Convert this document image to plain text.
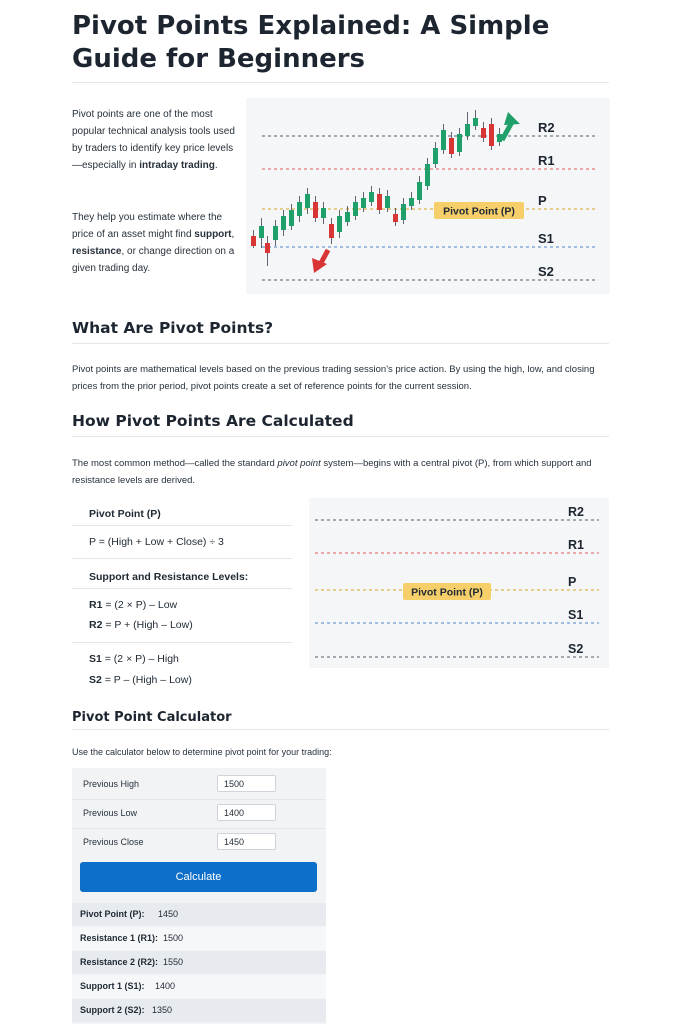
Pivot Points Explained: A Simple Guide for Beginners

Pivot points are one of the most popular technical analysis tools used by traders to identify key price levels—especially in intraday trading.

They help you estimate where the price of an asset might find support, resistance, or change direction on a given trading day.

R2
R1
P
S1
S2
Pivot Point (P)
What Are Pivot Points?

Pivot points are mathematical levels based on the previous trading session's price action. By using the high, low, and closing prices from the prior period, pivot points create a set of reference points for the current session.

How Pivot Points Are Calculated

The most common method—called the standard pivot point system—begins with a central pivot (P), from which support and resistance levels are derived.

Pivot Point (P)
P = (High + Low + Close) ÷ 3
Support and Resistance Levels:
R1 = (2 × P) – Low
R2 = P + (High – Low)
S1 = (2 × P) – High
S2 = P – (High – Low)
R2
R1
P
S1
S2
Pivot Point (P)
Pivot Point Calculator

Use the calculator below to determine pivot point for your trading:

Previous High
1500
Previous Low
1400
Previous Close
1450
Calculate
Pivot Point (P): 1450
Resistance 1 (R1): 1500
Resistance 2 (R2): 1550
Support 1 (S1): 1400
Support 2 (S2): 1350
